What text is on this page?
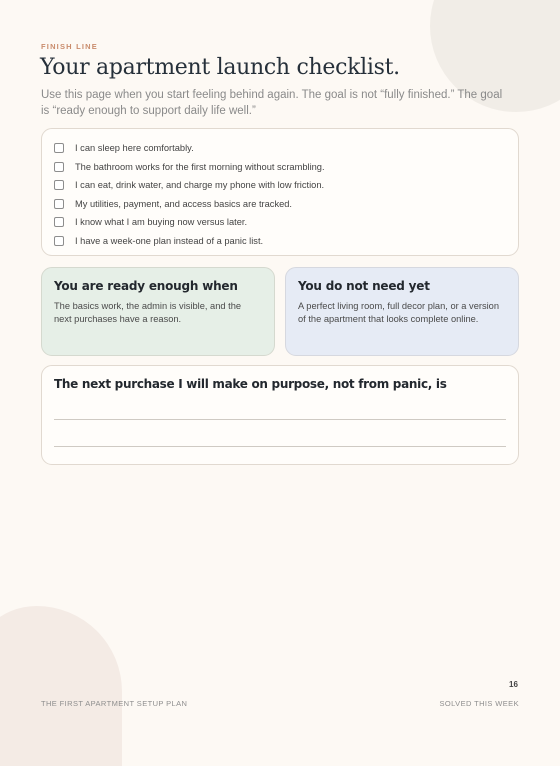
FINISH LINE
Your apartment launch checklist.
Use this page when you start feeling behind again. The goal is not “fully finished.” The goal is “ready enough to support daily life well.”
I can sleep here comfortably.
The bathroom works for the first morning without scrambling.
I can eat, drink water, and charge my phone with low friction.
My utilities, payment, and access basics are tracked.
I know what I am buying now versus later.
I have a week-one plan instead of a panic list.
You are ready enough when
The basics work, the admin is visible, and the next purchases have a reason.
You do not need yet
A perfect living room, full decor plan, or a version of the apartment that looks complete online.
The next purchase I will make on purpose, not from panic, is
16
THE FIRST APARTMENT SETUP PLAN	SOLVED THIS WEEK
